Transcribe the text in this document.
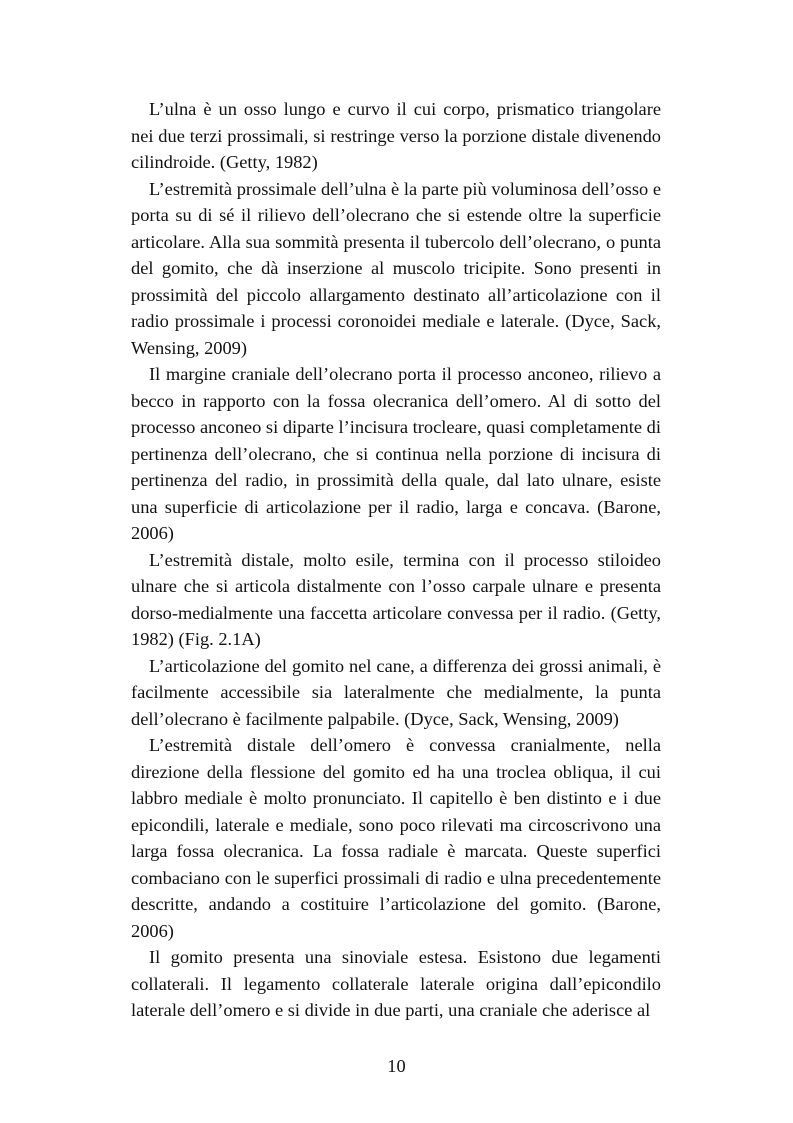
L’ulna è un osso lungo e curvo il cui corpo, prismatico triangolare nei due terzi prossimali, si restringe verso la porzione distale divenendo cilindroide. (Getty, 1982)

L’estremità prossimale dell’ulna è la parte più voluminosa dell’osso e porta su di sé il rilievo dell’olecrano che si estende oltre la superficie articolare. Alla sua sommità presenta il tubercolo dell’olecrano, o punta del gomito, che dà inserzione al muscolo tricipite. Sono presenti in prossimità del piccolo allargamento destinato all’articolazione con il radio prossimale i processi coronoidei mediale e laterale. (Dyce, Sack, Wensing, 2009)

Il margine craniale dell’olecrano porta il processo anconeo, rilievo a becco in rapporto con la fossa olecranica dell’omero. Al di sotto del processo anconeo si diparte l’incisura trocleare, quasi completamente di pertinenza dell’olecrano, che si continua nella porzione di incisura di pertinenza del radio, in prossimità della quale, dal lato ulnare, esiste una superficie di articolazione per il radio, larga e concava. (Barone, 2006)

L’estremità distale, molto esile, termina con il processo stiloideo ulnare che si articola distalmente con l’osso carpale ulnare e presenta dorso-medialmente una faccetta articolare convessa per il radio. (Getty, 1982) (Fig. 2.1A)

L’articolazione del gomito nel cane, a differenza dei grossi animali, è facilmente accessibile sia lateralmente che medialmente, la punta dell’olecrano è facilmente palpabile. (Dyce, Sack, Wensing, 2009)

L’estremità distale dell’omero è convessa cranialmente, nella direzione della flessione del gomito ed ha una troclea obliqua, il cui labbro mediale è molto pronunciato. Il capitello è ben distinto e i due epicondili, laterale e mediale, sono poco rilevati ma circoscrivono una larga fossa olecranica. La fossa radiale è marcata. Queste superfici combaciano con le superfici prossimali di radio e ulna precedentemente descritte, andando a costituire l’articolazione del gomito. (Barone, 2006)

Il gomito presenta una sinoviale estesa. Esistono due legamenti collaterali. Il legamento collaterale laterale origina dall’epicondilo laterale dell’omero e si divide in due parti, una craniale che aderisce al

10
